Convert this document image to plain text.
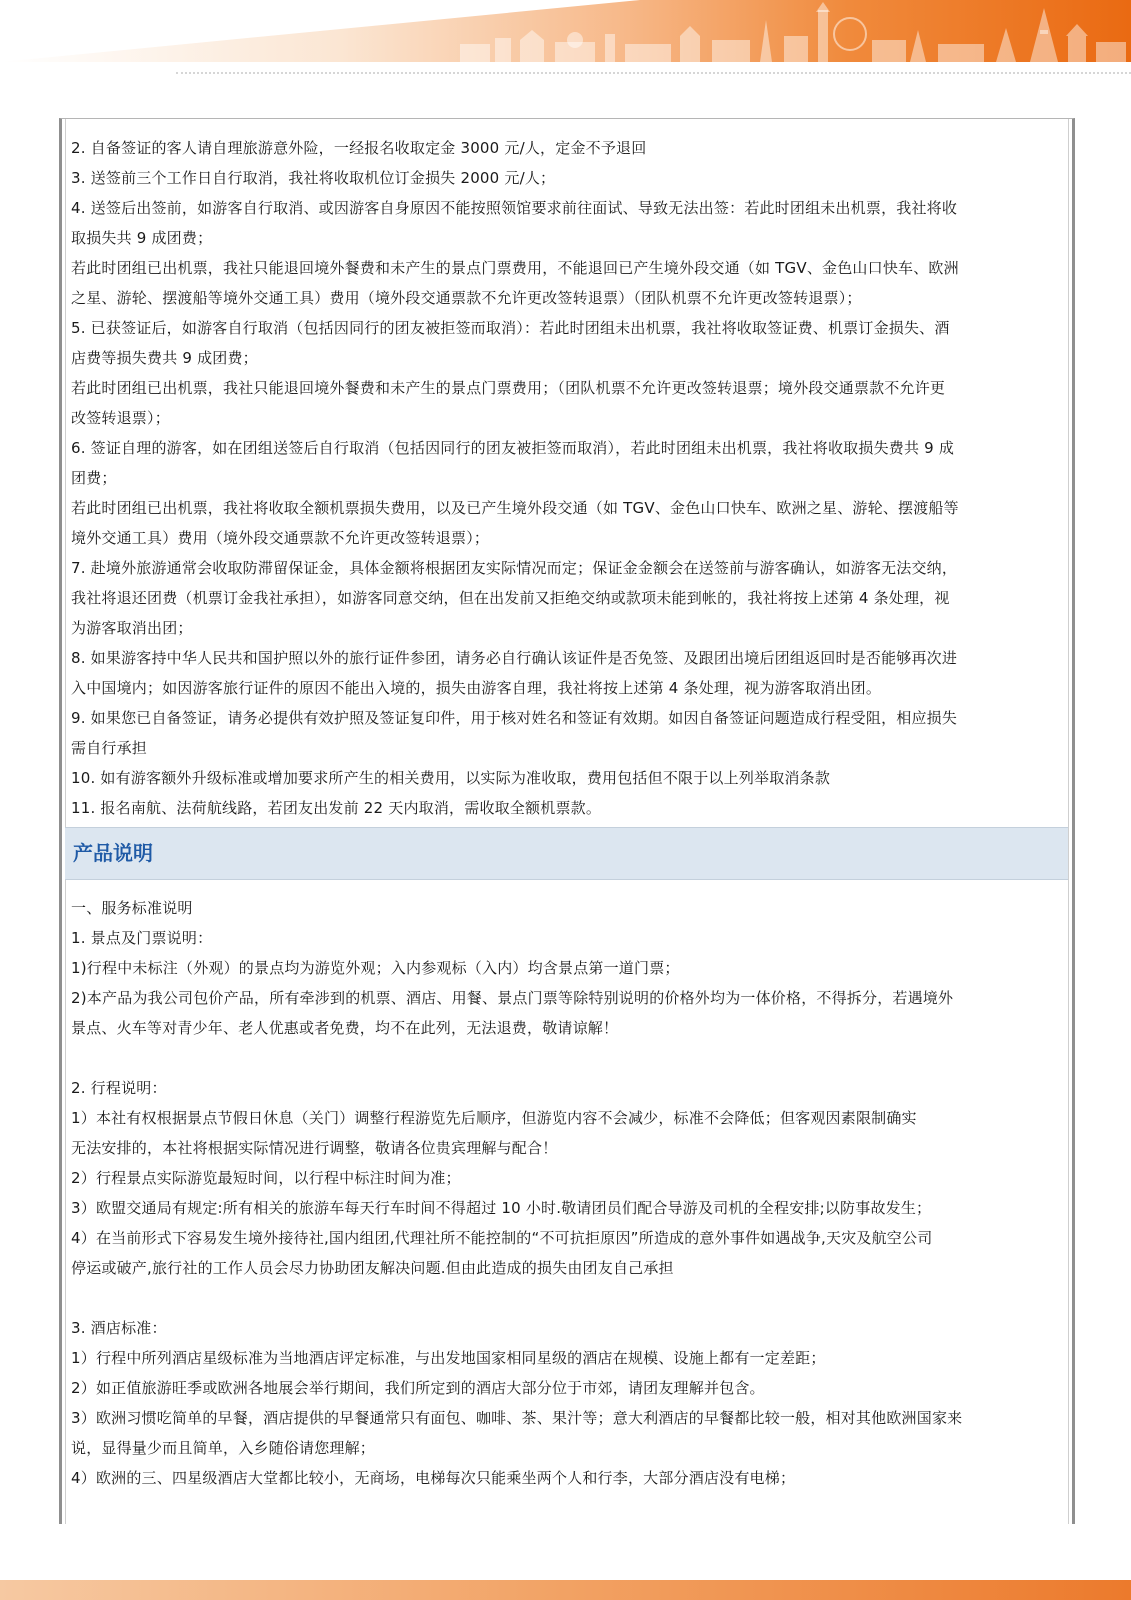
2. 自备签证的客人请自理旅游意外险，一经报名收取定金 3000 元/人，定金不予退回
3. 送签前三个工作日自行取消，我社将收取机位订金损失 2000 元/人；
4. 送签后出签前，如游客自行取消、或因游客自身原因不能按照领馆要求前往面试、导致无法出签：若此时团组未出机票，我社将收
取损失共 9 成团费；
若此时团组已出机票，我社只能退回境外餐费和未产生的景点门票费用，不能退回已产生境外段交通（如 TGV、金色山口快车、欧洲
之星、游轮、摆渡船等境外交通工具）费用（境外段交通票款不允许更改签转退票）（团队机票不允许更改签转退票）；
5. 已获签证后，如游客自行取消（包括因同行的团友被拒签而取消）：若此时团组未出机票，我社将收取签证费、机票订金损失、酒
店费等损失费共 9 成团费；
若此时团组已出机票，我社只能退回境外餐费和未产生的景点门票费用；（团队机票不允许更改签转退票；境外段交通票款不允许更
改签转退票）；
6. 签证自理的游客，如在团组送签后自行取消（包括因同行的团友被拒签而取消），若此时团组未出机票，我社将收取损失费共 9 成
团费；
若此时团组已出机票，我社将收取全额机票损失费用，以及已产生境外段交通（如 TGV、金色山口快车、欧洲之星、游轮、摆渡船等
境外交通工具）费用（境外段交通票款不允许更改签转退票）；
7. 赴境外旅游通常会收取防滞留保证金，具体金额将根据团友实际情况而定；保证金金额会在送签前与游客确认，如游客无法交纳，
我社将退还团费（机票订金我社承担），如游客同意交纳，但在出发前又拒绝交纳或款项未能到帐的，我社将按上述第 4 条处理，视
为游客取消出团；
8. 如果游客持中华人民共和国护照以外的旅行证件参团，请务必自行确认该证件是否免签、及跟团出境后团组返回时是否能够再次进
入中国境内；如因游客旅行证件的原因不能出入境的，损失由游客自理，我社将按上述第 4 条处理，视为游客取消出团。
9. 如果您已自备签证，请务必提供有效护照及签证复印件，用于核对姓名和签证有效期。如因自备签证问题造成行程受阻，相应损失
需自行承担
10. 如有游客额外升级标准或增加要求所产生的相关费用，以实际为准收取，费用包括但不限于以上列举取消条款
11. 报名南航、法荷航线路，若团友出发前 22 天内取消，需收取全额机票款。
产品说明
一、服务标准说明
1. 景点及门票说明：
1)行程中未标注（外观）的景点均为游览外观；入内参观标（入内）均含景点第一道门票；
2)本产品为我公司包价产品，所有牵涉到的机票、酒店、用餐、景点门票等除特别说明的价格外均为一体价格，不得拆分，若遇境外
景点、火车等对青少年、老人优惠或者免费，均不在此列，无法退费，敬请谅解！
2. 行程说明：
1）本社有权根据景点节假日休息（关门）调整行程游览先后顺序，但游览内容不会减少，标准不会降低；但客观因素限制确实
无法安排的，本社将根据实际情况进行调整，敬请各位贵宾理解与配合！
2）行程景点实际游览最短时间，以行程中标注时间为准；
3）欧盟交通局有规定:所有相关的旅游车每天行车时间不得超过 10 小时.敬请团员们配合导游及司机的全程安排;以防事故发生；
4）在当前形式下容易发生境外接待社,国内组团,代理社所不能控制的“不可抗拒原因”所造成的意外事件如遇战争,天灾及航空公司
停运或破产,旅行社的工作人员会尽力协助团友解决问题.但由此造成的损失由团友自己承担
3. 酒店标准：
1）行程中所列酒店星级标准为当地酒店评定标准，与出发地国家相同星级的酒店在规模、设施上都有一定差距；
2）如正值旅游旺季或欧洲各地展会举行期间，我们所定到的酒店大部分位于市郊，请团友理解并包含。
3）欧洲习惯吃简单的早餐，酒店提供的早餐通常只有面包、咖啡、茶、果汁等；意大利酒店的早餐都比较一般，相对其他欧洲国家来
说，显得量少而且简单，入乡随俗请您理解；
4）欧洲的三、四星级酒店大堂都比较小，无商场，电梯每次只能乘坐两个人和行李，大部分酒店没有电梯；
